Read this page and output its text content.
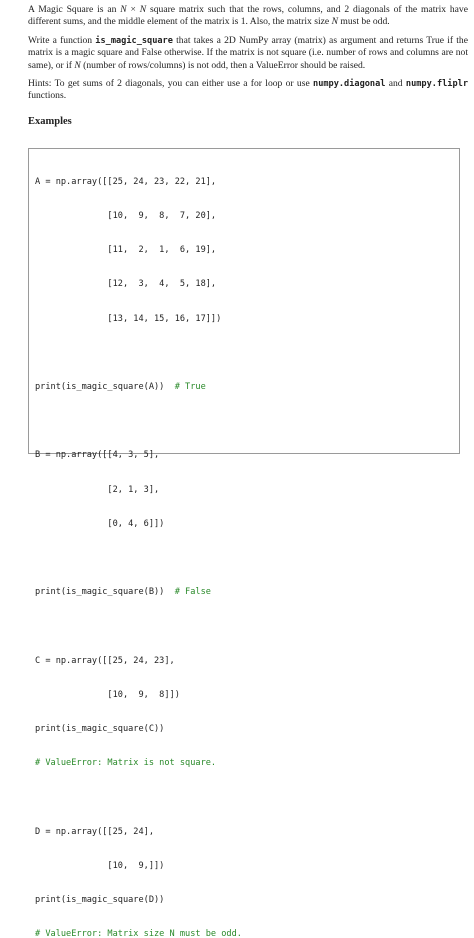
A Magic Square is an N × N square matrix such that the rows, columns, and 2 diagonals of the matrix have different sums, and the middle element of the matrix is 1. Also, the matrix size N must be odd.

Write a function is_magic_square that takes a 2D NumPy array (matrix) as argument and returns True if the matrix is a magic square and False otherwise. If the matrix is not square (i.e. number of rows and columns are not same), or if N (number of rows/columns) is not odd, then a ValueError should be raised.

Hints: To get sums of 2 diagonals, you can either use a for loop or use numpy.diagonal and numpy.fliplr functions.

Examples

A = np.array([[25, 24, 23, 22, 21],

[10,  9,  8,  7, 20],

[11,  2,  1,  6, 19],

[12,  3,  4,  5, 18],

[13, 14, 15, 16, 17]])

print(is_magic_square(A))  # True

B = np.array([[4, 3, 5],

[2, 1, 3],

[0, 4, 6]])

print(is_magic_square(B))  # False

C = np.array([[25, 24, 23],

[10,  9,  8]])

print(is_magic_square(C))

# ValueError: Matrix is not square.

D = np.array([[25, 24],

[10,  9,]])

print(is_magic_square(D))

# ValueError: Matrix size N must be odd.
